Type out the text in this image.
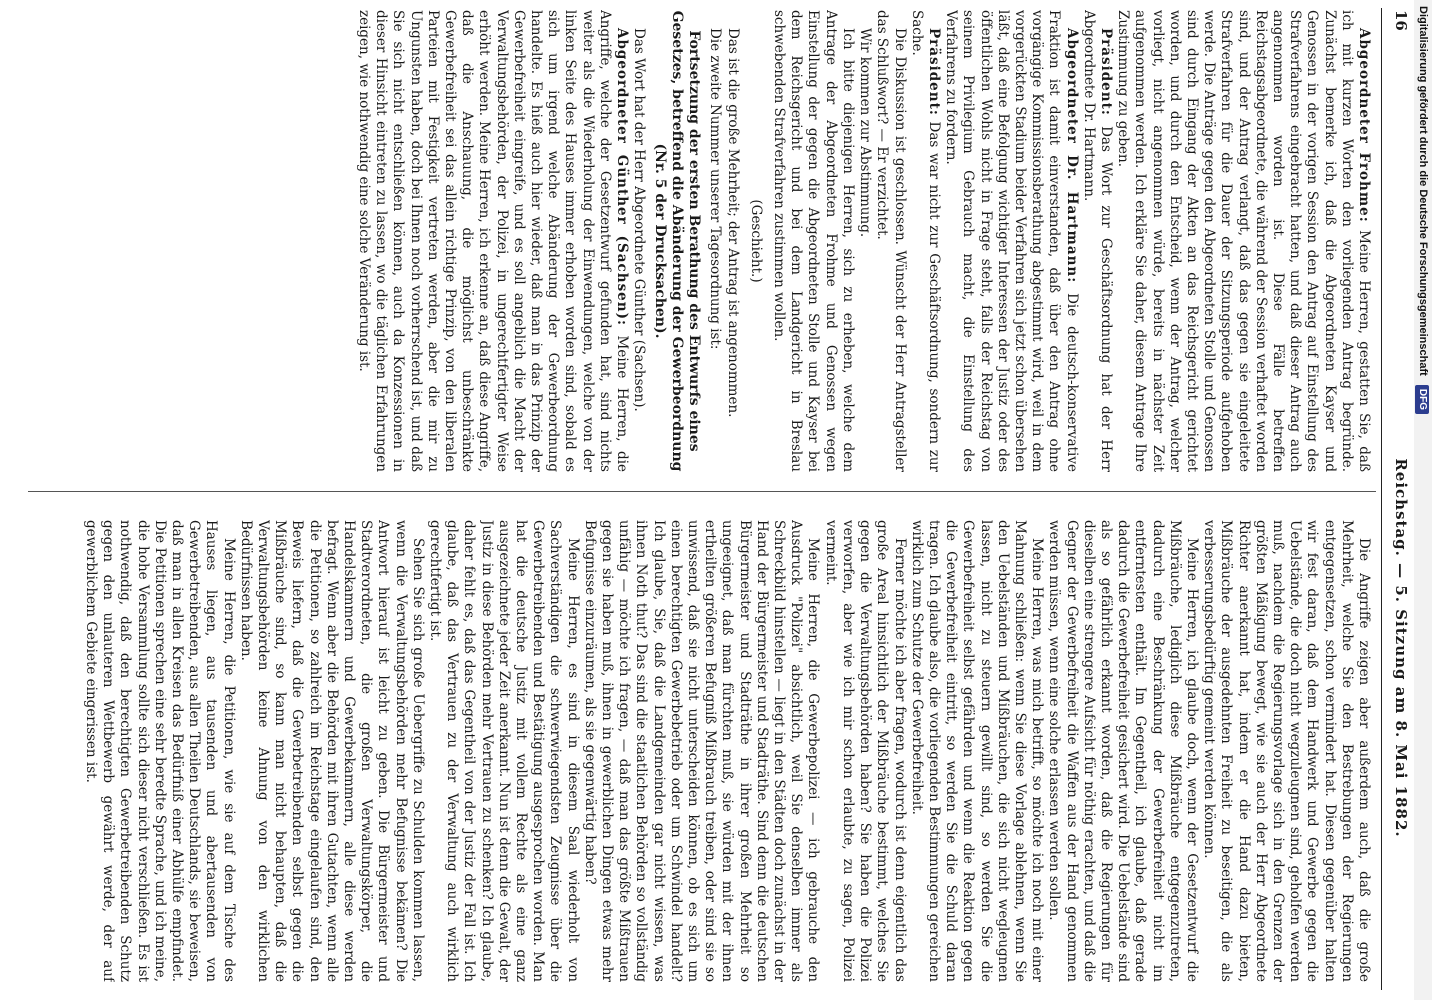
16
Reichstag. — 5. Sitzung am 8. Mai 1882.

Abgeordneter Frohme: Meine Herren, gestatten Sie, daß ich mit kurzen Worten den vorliegenden Antrag begründe. Zunächst bemerke ich, daß die Abgeordneten Kayser und Genossen in der vorigen Session den Antrag auf Einstellung des Strafverfahrens eingebracht hatten, und daß dieser Antrag auch angenommen worden ist. Diese Fälle betreffen Reichstagsabgeordnete, die während der Session verhaftet worden sind, und der Antrag verlangt, daß das gegen sie eingeleitete Strafverfahren für die Dauer der Sitzungsperiode aufgehoben werde. Die Anträge gegen den Abgeordneten Stolle und Genossen sind durch Eingang der Akten an das Reichsgericht gerichtet worden, und durch den Entscheid, wenn der Antrag, welcher vorliegt, nicht angenommen würde, bereits in nächster Zeit aufgenommen werden. Ich erkläre Sie daher, diesem Antrage Ihre Zustimmung zu geben.

Präsident: Das Wort zur Geschäftsordnung hat der Herr Abgeordnete Dr. Hartmann.

Abgeordneter Dr. Hartmann: Die deutsch-konservative Fraktion ist damit einverstanden, daß über den Antrag ohne vorgängige Kommissionsberathung abgestimmt wird, weil in dem vorgerückten Stadium beider Verfahren sich jetzt schon übersehen läßt, daß eine Befolgung wichtiger Interessen der Justiz oder des öffentlichen Wohls nicht in Frage steht, falls der Reichstag von seinem Privilegium Gebrauch macht, die Einstellung des Verfahrens zu fordern.

Präsident: Das war nicht zur Geschäftsordnung, sondern zur Sache.

Die Diskussion ist geschlossen. Wünscht der Herr Antragsteller das Schlußwort? — Er verzichtet.

Wir kommen zur Abstimmung.

Ich bitte diejenigen Herren, sich zu erheben, welche dem Antrage der Abgeordneten Frohme und Genossen wegen Einstellung der gegen die Abgeordneten Stolle und Kayser bei dem Reichsgericht und bei dem Landgericht in Breslau schwebenden Strafverfahren zustimmen wollen.

(Geschieht.)

Das ist die große Mehrheit; der Antrag ist angenommen.

Die zweite Nummer unserer Tagesordnung ist:

Fortsetzung der ersten Berathung des Entwurfs eines Gesetzes, betreffend die Abänderung der Gewerbeordnung (Nr. 5 der Drucksachen).

Das Wort hat der Herr Abgeordnete Günther (Sachsen).

Abgeordneter Günther (Sachsen): Meine Herren, die Angriffe, welche der Gesetzentwurf gefunden hat, sind nichts weiter als die Wiederholung der Einwendungen, welche von der linken Seite des Hauses immer erhoben worden sind, sobald es sich um irgend welche Abänderung der Gewerbeordnung handelte. Es hieß auch hier wieder, daß man in das Prinzip der Gewerbefreiheit eingreife, und es soll angeblich die Macht der Verwaltungsbehörden, der Polizei, in ungerechtfertigter Weise erhöht werden. Meine Herren, ich erkenne an, daß diese Angriffe, daß die Anschauung, die möglichst unbeschränkte Gewerbefreiheit sei das allein richtige Prinzip, von den liberalen Parteien mit Festigkeit vertreten werden, aber die mir zu Ungunsten haben, doch bei Ihnen noch vorherrschend ist, und daß Sie sich nicht entschließen können, auch da Konzessionen in dieser Hinsicht eintreten zu lassen, wo die täglichen Erfahrungen zeigen, wie nothwendig eine solche Veränderung ist.

Die Angriffe zeigen aber außerdem auch, daß die große Mehrheit, welche Sie den Bestrebungen der Regierungen entgegensetzen, schon vermindert hat. Diesen gegenüber halten wir fest daran, daß dem Handwerk und Gewerbe gegen die Uebelstände, die doch nicht wegzuleugnen sind, geholfen werden muß, nachdem die Regierungsvorlage sich in den Grenzen der größten Mäßigung bewegt, wie sie auch der Herr Abgeordnete Richter anerkannt hat, indem er die Hand dazu bieten, Mißbräuche der ausgedehnten Freiheit zu beseitigen, die als verbesserungsbedürftig gemeint werden können.

Meine Herren, ich glaube doch, wenn der Gesetzentwurf die Mißbräuche, lediglich diese Mißbräuche entgegenzutreten, dadurch eine Beschränkung der Gewerbefreiheit nicht im entferntesten enthält. Im Gegentheil, ich glaube, daß gerade dadurch die Gewerbefreiheit gesichert wird. Die Uebelstände sind als so gefährlich erkannt worden, daß die Regierungen für dieselben eine strengere Aufsicht für nöthig erachten, und daß die Gegner der Gewerbefreiheit die Waffen aus der Hand genommen werden müssen, wenn eine solche erlassen werden sollen.

Meine Herren, was mich betrifft, so möchte ich noch mit einer Mahnung schließen: wenn Sie diese Vorlage ablehnen, wenn Sie den Uebelständen und Mißbräuchen, die sich nicht wegleugnen lassen, nicht zu steuern gewillt sind, so werden Sie die Gewerbefreiheit selbst gefährden und wenn die Reaktion gegen die Gewerbefreiheit eintritt, so werden Sie die Schuld daran tragen. Ich glaube also, die vorliegenden Bestimmungen gereichen wirklich zum Schutze der Gewerbefreiheit.

Ferner möchte ich aber fragen, wodurch ist denn eigentlich das große Areal hinsichtlich der Mißbräuche bestimmt, welches Sie gegen die Verwaltungsbehörden haben? Sie haben die Polizei verworfen, aber wie ich mir schon erlaubte, zu sagen, Polizei vermeint.

Meine Herren, die Gewerbepolizei — ich gebrauche den Ausdruck "Polizei" absichtlich, weil Sie denselben immer als Schreckbild hinstellen — liegt in den Städten doch zunächst in der Hand der Bürgermeister und Stadträthe. Sind denn die deutschen Bürgermeister und Stadträthe in ihrer großen Mehrheit so ungeeignet, daß man fürchten muß, sie würden mit der ihnen ertheilten größeren Befugniß Mißbrauch treiben, oder sind sie so unwissend, daß sie nicht unterscheiden können, ob es sich um einen berechtigten Gewerbebetrieb oder um Schwindel handelt? Ich glaube, Sie, daß die Landgemeinden gar nicht wissen, was ihnen Noth thut? Das sind die staatlichen Behörden so vollständig unfähig — möchte ich fragen, — daß man das größte Mißtrauen gegen sie haben muß, ihnen in gewerblichen Dingen etwas mehr Befugnisse einzuräumen, als sie gegenwärtig haben?

Meine Herren, es sind in diesem Saal wiederholt von Sachverständigen die schwerwiegendsten Zeugnisse über die Gewerbetreibenden und Bestätigung ausgesprochen worden. Man hat die deutsche Justiz mit vollem Rechte als eine ganz ausgezeichnete jeder Zeit anerkannt. Nun ist denn die Gewalt, der Justiz in diese Behörden mehr Vertrauen zu schenken? Ich glaube, daher fehlt es, daß das Gegentheil von der Justiz der Fall ist. Ich glaube, daß das Vertrauen zu der Verwaltung auch wirklich gerechtfertigt ist.

Sehen Sie sich große Uebergriffe zu Schulden kommen lassen, wenn die Verwaltungsbehörden mehr Befugnisse bekämen? Die Antwort hierauf ist leicht zu geben. Die Bürgermeister und Stadtverordneten, die großen Verwaltungskörper, die Handelskammern und Gewerbekammern, alle diese werden befragt. Wenn aber die Behörden mit ihren Gutachten, wenn alle die Petitionen, so zahlreich im Reichstage eingelaufen sind, den Beweis liefern, daß die Gewerbetreibenden selbst gegen die Mißbräuche sind, so kann man nicht behaupten, daß die Verwaltungsbehörden keine Ahnung von den wirklichen Bedürfnissen haben.

Meine Herren, die Petitionen, wie sie auf dem Tische des Hauses liegen, aus tausenden und abertausenden von Gewerbetreibenden, aus allen Theilen Deutschlands, sie beweisen, daß man in allen Kreisen das Bedürfniß einer Abhülfe empfindet. Die Petitionen sprechen eine sehr beredte Sprache, und ich meine, die hohe Versammlung sollte sich dieser nicht verschließen. Es ist nothwendig, daß den berechtigten Gewerbetreibenden Schutz gegen den unlauteren Wettbewerb gewährt werde, der auf gewerblichem Gebiete eingerissen ist.

Digitalisierung gefördert durch die Deutsche Forschungsgemeinschaft DFG
